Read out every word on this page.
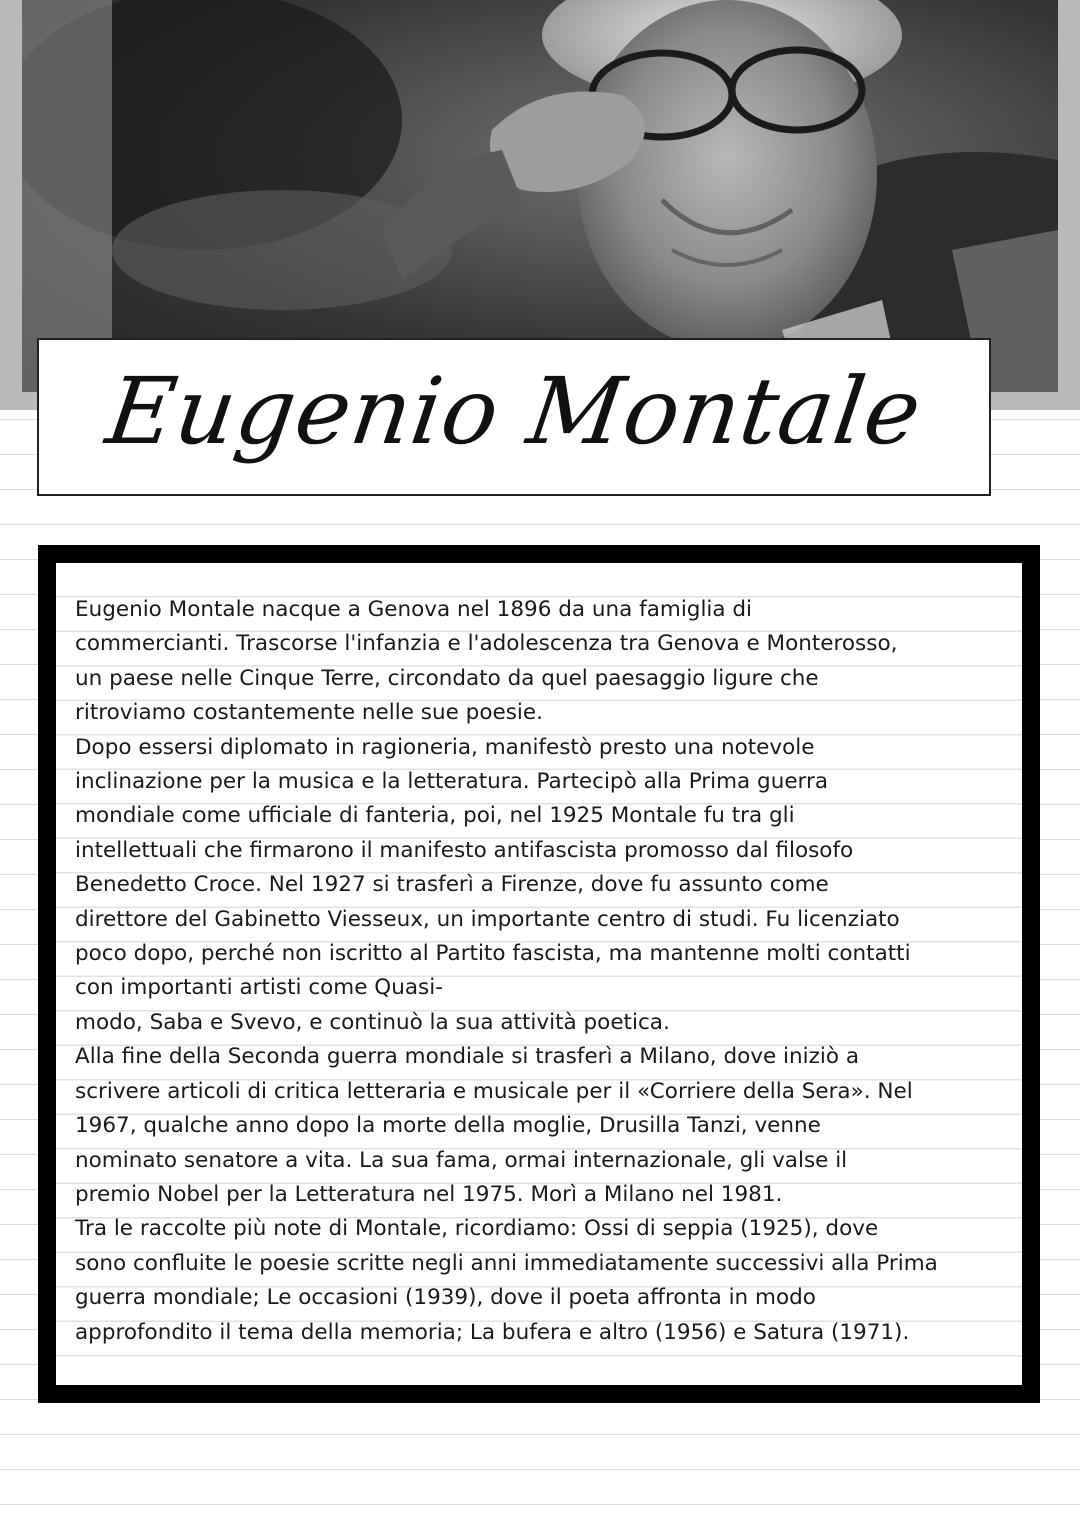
Eugenio Montale

Eugenio Montale nacque a Genova nel 1896 da una famiglia di

commercianti. Trascorse l'infanzia e l'adolescenza tra Genova e Monterosso,

un paese nelle Cinque Terre, circondato da quel paesaggio ligure che

ritroviamo costantemente nelle sue poesie.

Dopo essersi diplomato in ragioneria, manifestò presto una notevole

inclinazione per la musica e la letteratura. Partecipò alla Prima guerra

mondiale come ufficiale di fanteria, poi, nel 1925 Montale fu tra gli

intellettuali che firmarono il manifesto antifascista promosso dal filosofo

Benedetto Croce. Nel 1927 si trasferì a Firenze, dove fu assunto come

direttore del Gabinetto Viesseux, un importante centro di studi. Fu licenziato

poco dopo, perché non iscritto al Partito fascista, ma mantenne molti contatti

con importanti artisti come Quasi-

modo, Saba e Svevo, e continuò la sua attività poetica.

Alla fine della Seconda guerra mondiale si trasferì a Milano, dove iniziò a

scrivere articoli di critica letteraria e musicale per il «Corriere della Sera». Nel

1967, qualche anno dopo la morte della moglie, Drusilla Tanzi, venne

nominato senatore a vita. La sua fama, ormai internazionale, gli valse il

premio Nobel per la Letteratura nel 1975. Morì a Milano nel 1981.

Tra le raccolte più note di Montale, ricordiamo: Ossi di seppia (1925), dove

sono confluite le poesie scritte negli anni immediatamente successivi alla Prima

guerra mondiale; Le occasioni (1939), dove il poeta affronta in modo

approfondito il tema della memoria; La bufera e altro (1956) e Satura (1971).
